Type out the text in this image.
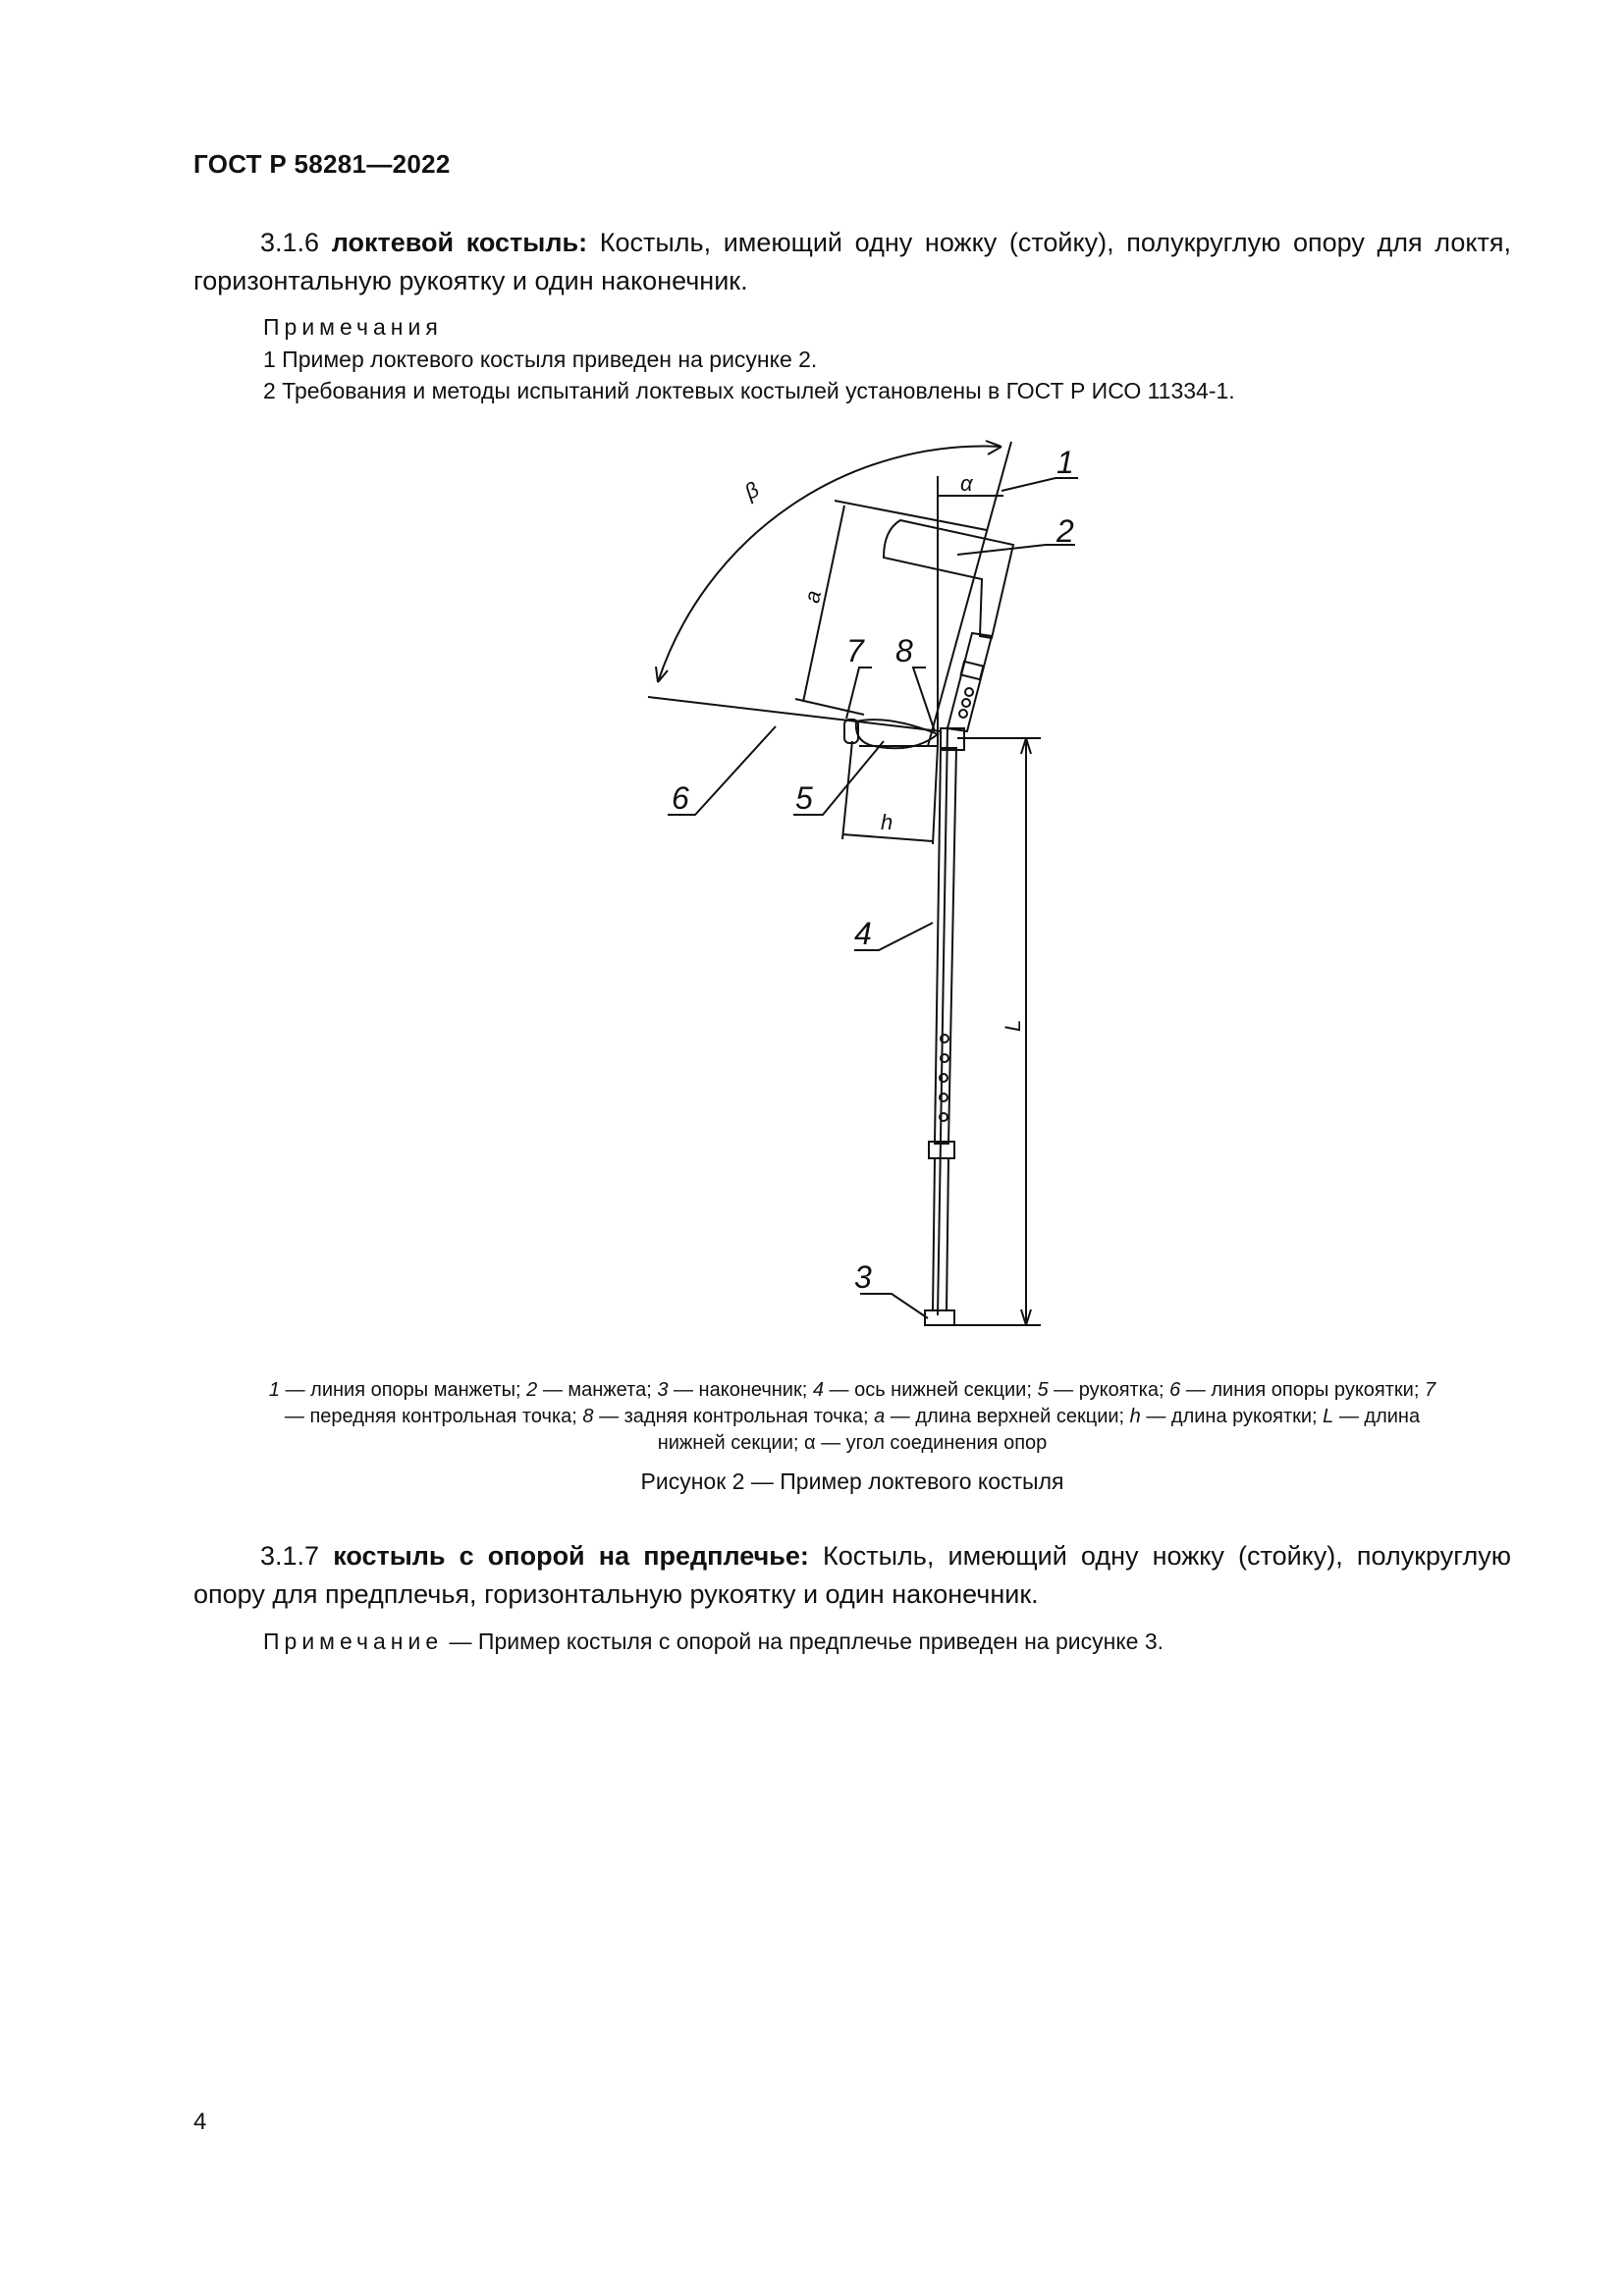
ГОСТ Р 58281—2022
3.1.6 локтевой костыль: Костыль, имеющий одну ножку (стойку), полукруглую опору для локтя, горизонтальную рукоятку и один наконечник.
Примечания
1 Пример локтевого костыля приведен на рисунке 2.
2 Требования и методы испытаний локтевых костылей установлены в ГОСТ Р ИСО 11334-1.
1
2
3
4
5
6
7 8
α
β
a
h
L
1 — линия опоры манжеты; 2 — манжета; 3 — наконечник; 4 — ось нижней секции; 5 — рукоятка; 6 — линия опоры рукоятки; 7 — передняя контрольная точка; 8 — задняя контрольная точка; a — длина верхней секции; h — длина рукоятки; L — длина нижней секции; α — угол соединения опор
Рисунок 2 — Пример локтевого костыля
3.1.7 костыль с опорой на предплечье: Костыль, имеющий одну ножку (стойку), полукруглую опору для предплечья, горизонтальную рукоятку и один наконечник.
Примечание — Пример костыля с опорой на предплечье приведен на рисунке 3.
4
